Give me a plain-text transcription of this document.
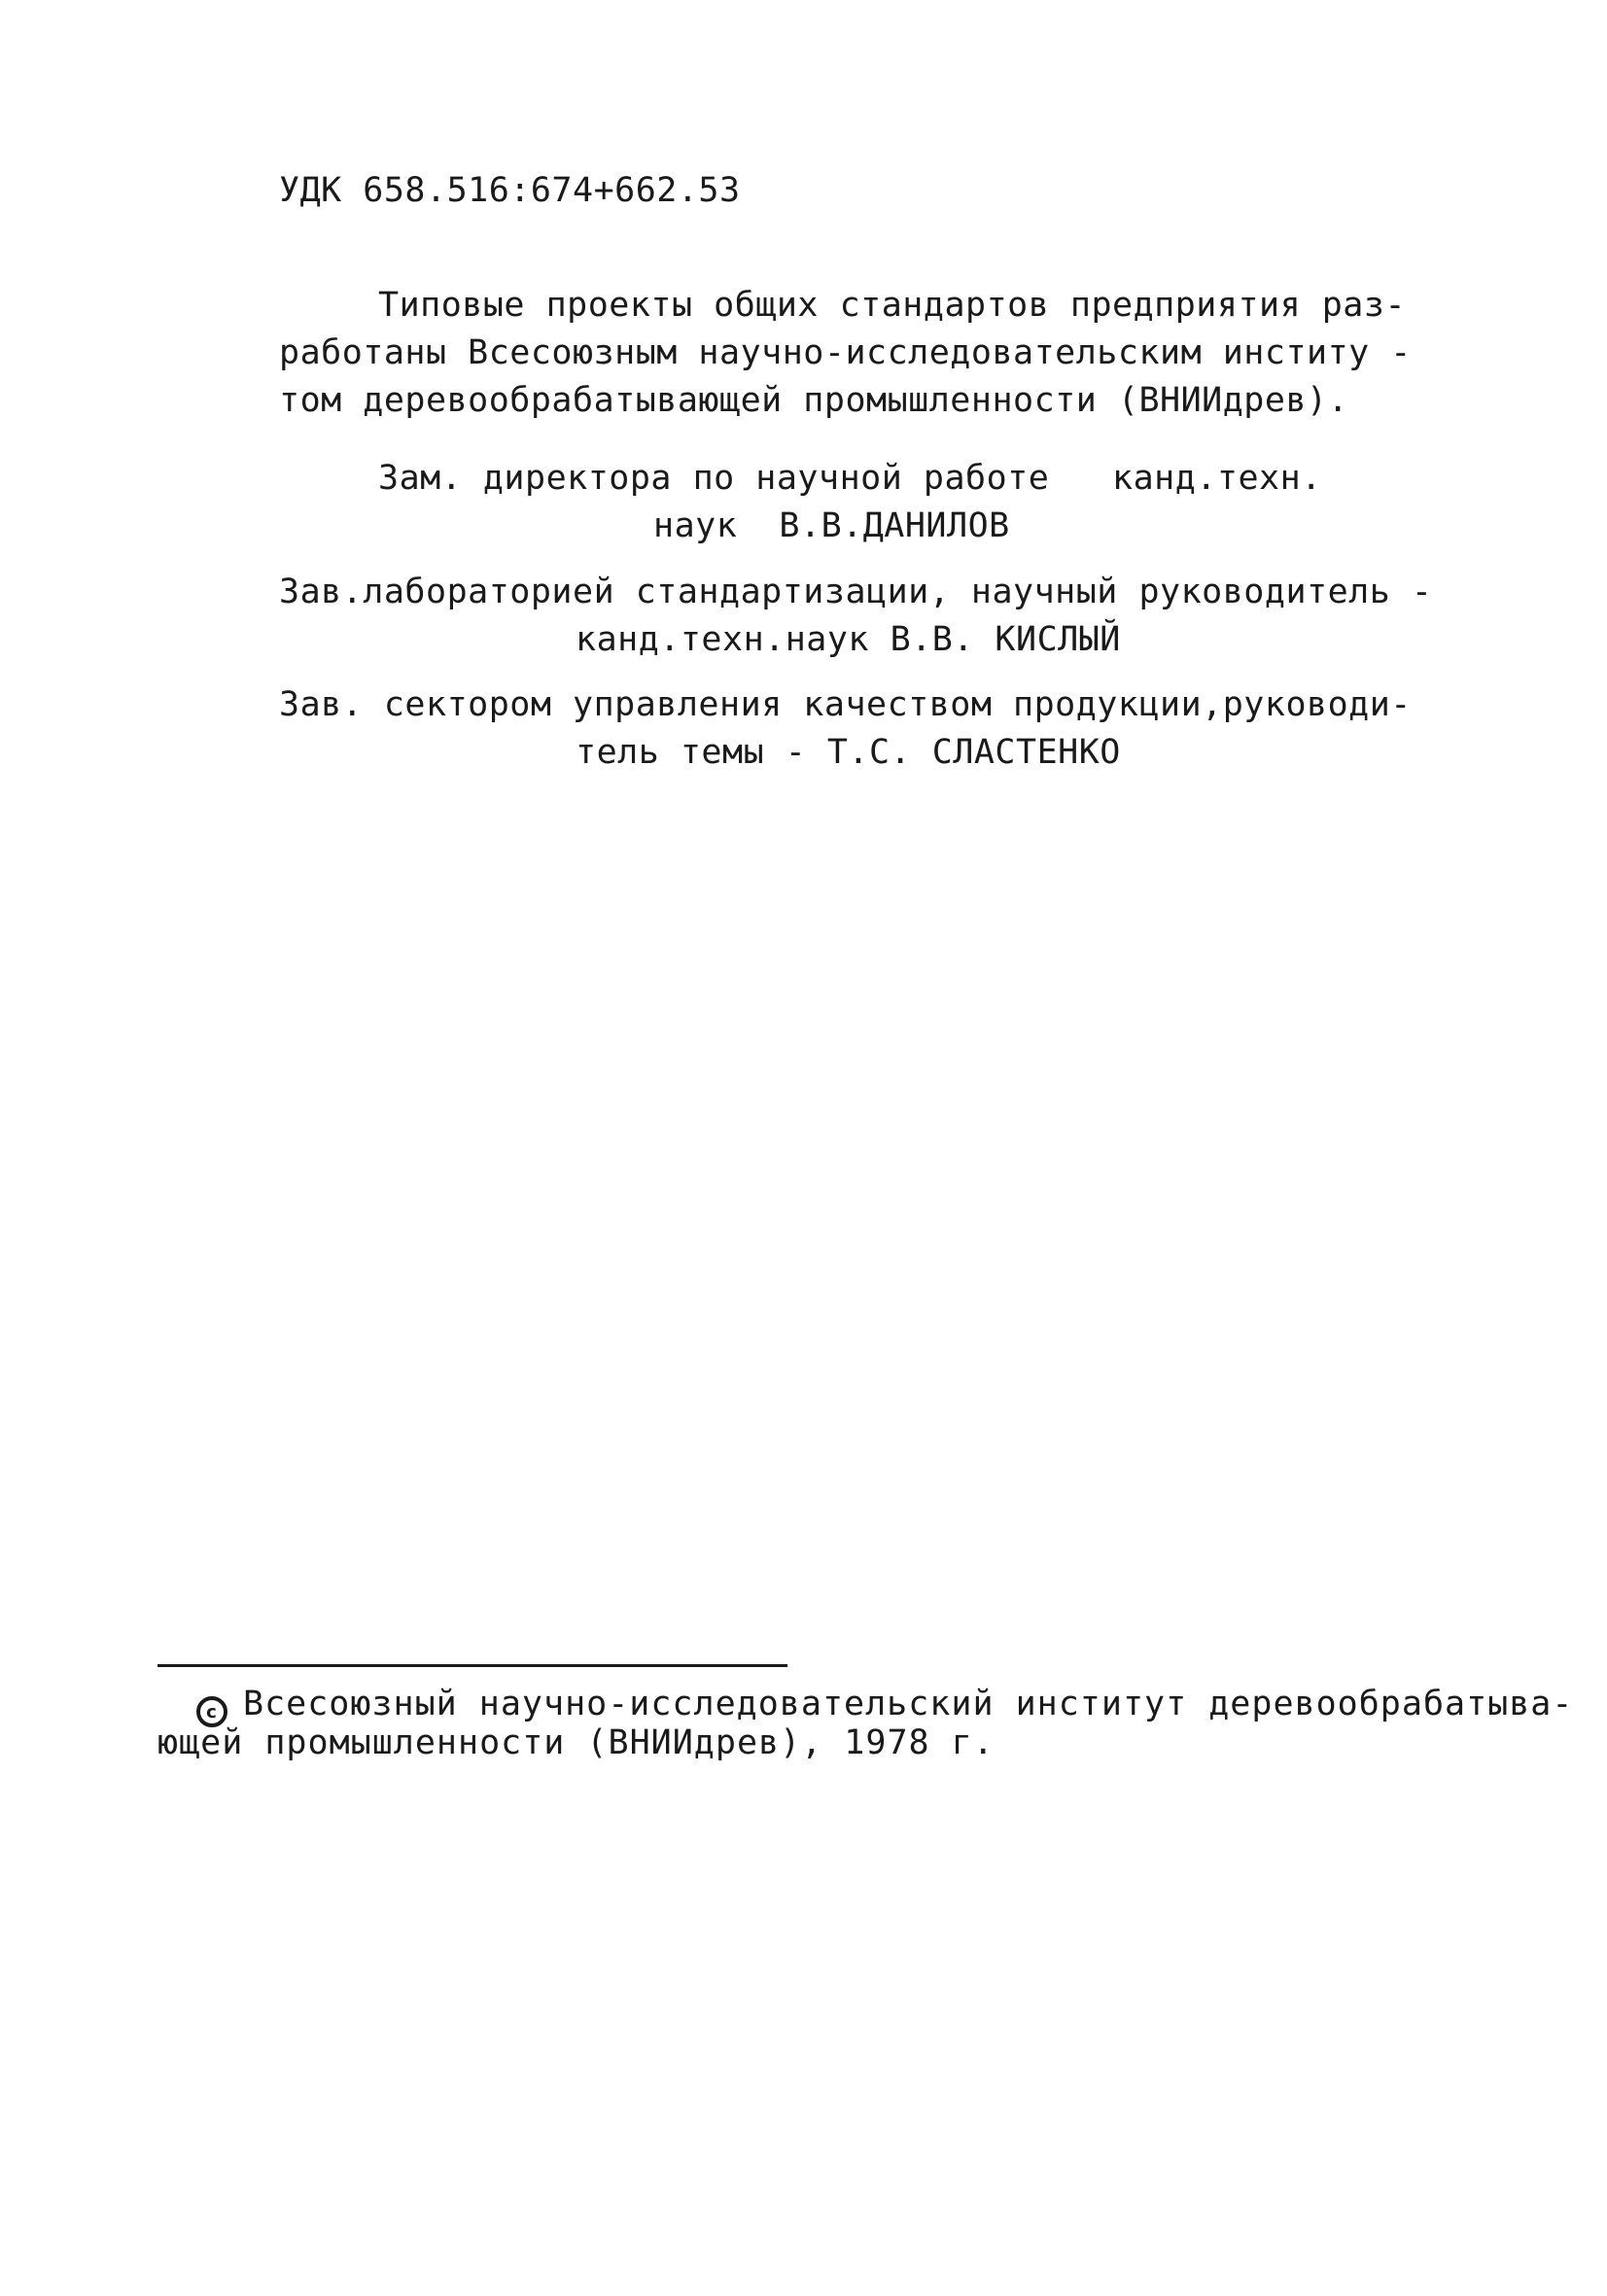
УДК 658.516:674+662.53
Типовые проекты общих стандартов предприятия раз-
работаны Всесоюзным научно-исследовательским институ -
том деревообрабатывающей промышленности (ВНИИдрев).
Зам. директора по научной работе   канд.техн.
наук  В.В.ДАНИЛОВ
Зав.лабораторией стандартизации, научный руководитель -
канд.техн.наук В.В. КИСЛЫЙ
Зав. сектором управления качеством продукции,руководи-
тель темы - Т.С. СЛАСТЕНКО
c Всесоюзный научно-исследовательский институт деревообрабатыва-
ющей промышленности (ВНИИдрев), 1978 г.
